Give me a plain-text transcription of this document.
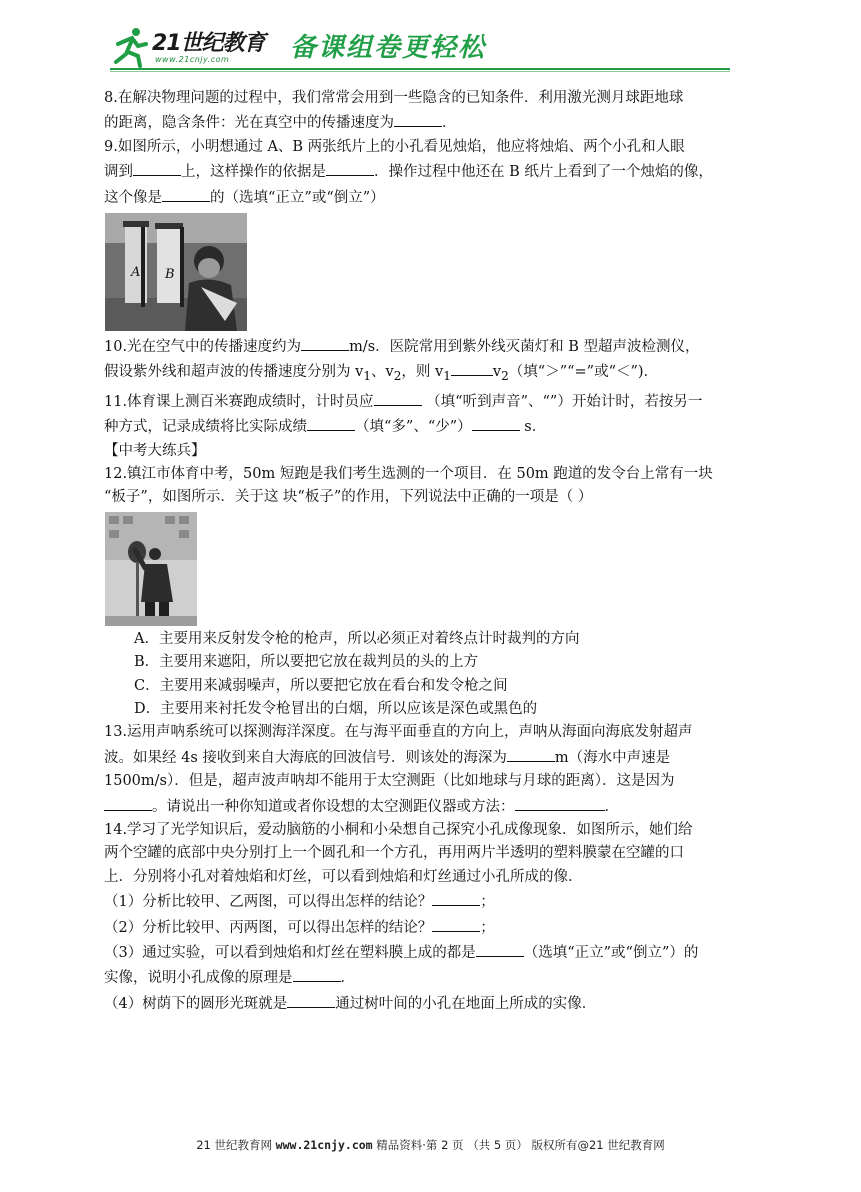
21世纪教育
www.21cnjy.com 备课组卷更轻松

8.在解决物理问题的过程中，我们常常会用到一些隐含的已知条件．利用激光测月球距地球
的距离，隐含条件：光在真空中的传播速度为	．

9.如图所示，小明想通过 A、B 两张纸片上的小孔看见烛焰，他应将烛焰、两个小孔和人眼
调到	上，这样操作的依据是	．操作过程中他还在 B 纸片上看到了一个烛焰的像，
这个像是	的（选填“正立”或“倒立”）

A B

10.光在空气中的传播速度约为	m/s．医院常用到紫外线灭菌灯和 B 型超声波检测仪，
假设紫外线和超声波的传播速度分别为 $v_1$、$v_2$，则 $v_1$	$v_2$（填“＞”“=”或“＜”)．

11.体育课上测百米赛跑成绩时，计时员应	（填“听到声音”、“”）开始计时，若按另一
种方式，记录成绩将比实际成绩	（填“多”、“少”）	s．

【中考大练兵】

12.镇江市体育中考，50m 短跑是我们考生选测的一个项目．在 50m 跑道的发令台上常有一块
“板子”，如图所示．关于这 块“板子”的作用，下列说法中正确的一项是（ ）

A．主要用来反射发令枪的枪声，所以必须正对着终点计时裁判的方向

B．主要用来遮阳，所以要把它放在裁判员的头的上方

C．主要用来减弱噪声，所以要把它放在看台和发令枪之间

D．主要用来衬托发令枪冒出的白烟，所以应该是深色或黑色的

13.运用声呐系统可以探测海洋深度。在与海平面垂直的方向上，声呐从海面向海底发射超声
波。如果经 4s 接收到来自大海底的回波信号．则该处的海深为	m（海水中声速是
1500m/s）．但是，超声波声呐却不能用于太空测距（比如地球与月球的距离）．这是因为
。请说出一种你知道或者你设想的太空测距仪器或方法：	．

14.学习了光学知识后，爱动脑筋的小桐和小朵想自己探究小孔成像现象．如图所示，她们给
两个空罐的底部中央分别打上一个圆孔和一个方孔，再用两片半透明的塑料膜蒙在空罐的口
上．分别将小孔对着烛焰和灯丝，可以看到烛焰和灯丝通过小孔所成的像．

（1）分析比较甲、乙两图，可以得出怎样的结论？	；

（2）分析比较甲、丙两图，可以得出怎样的结论？	；

（3）通过实验，可以看到烛焰和灯丝在塑料膜上成的都是	（选填“正立”或“倒立”）的
实像，说明小孔成像的原理是	．

（4）树荫下的圆形光斑就是	通过树叶间的小孔在地面上所成的实像．

21 世纪教育网 www.21cnjy.com 精品资料·第 2 页 （共 5 页） 版权所有@21 世纪教育网
